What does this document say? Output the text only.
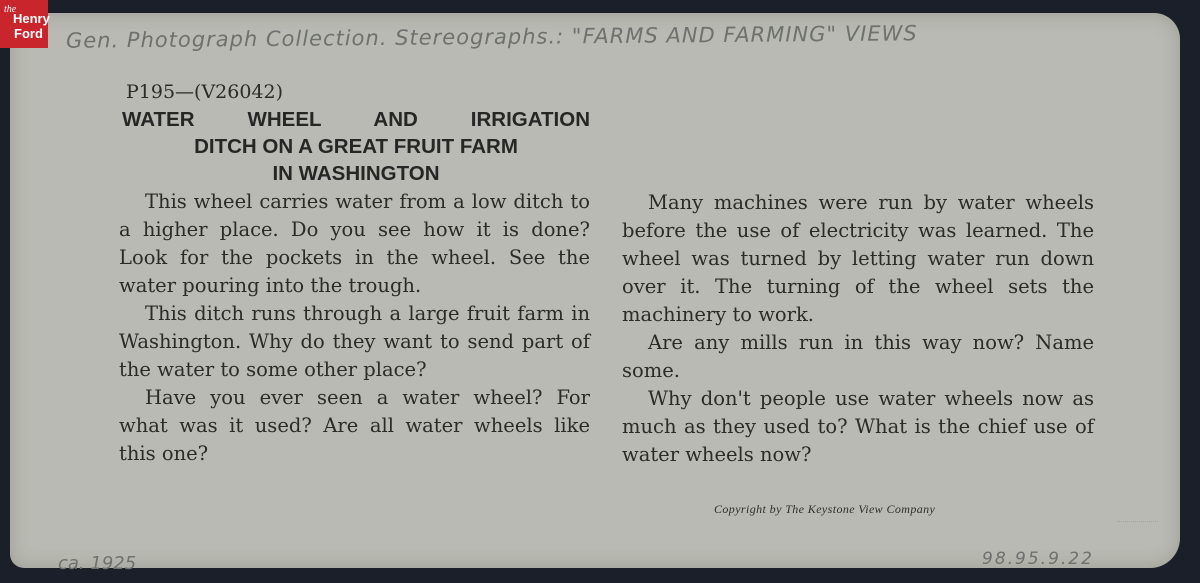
Gen. Photograph Collection. Stereographs.: "FARMS AND FARMING" VIEWS
P195—(V26042)
WATER WHEEL AND IRRIGATION
DITCH ON A GREAT FRUIT FARM
IN WASHINGTON

This wheel carries water from a low ditch to a higher place. Do you see how it is done? Look for the pockets in the wheel. See the water pouring into the trough.

This ditch runs through a large fruit farm in Washington. Why do they want to send part of the water to some other place?

Have you ever seen a water wheel? For what was it used? Are all water wheels like this one?

Many machines were run by water wheels before the use of electricity was learned. The wheel was turned by letting water run down over it. The turning of the wheel sets the machinery to work.

Are any mills run in this way now? Name some.

Why don't people use water wheels now as much as they used to? What is the chief use of water wheels now?

Copyright by The Keystone View Company
ca. 1925	98.95.9.22
the
Henry
Ford
